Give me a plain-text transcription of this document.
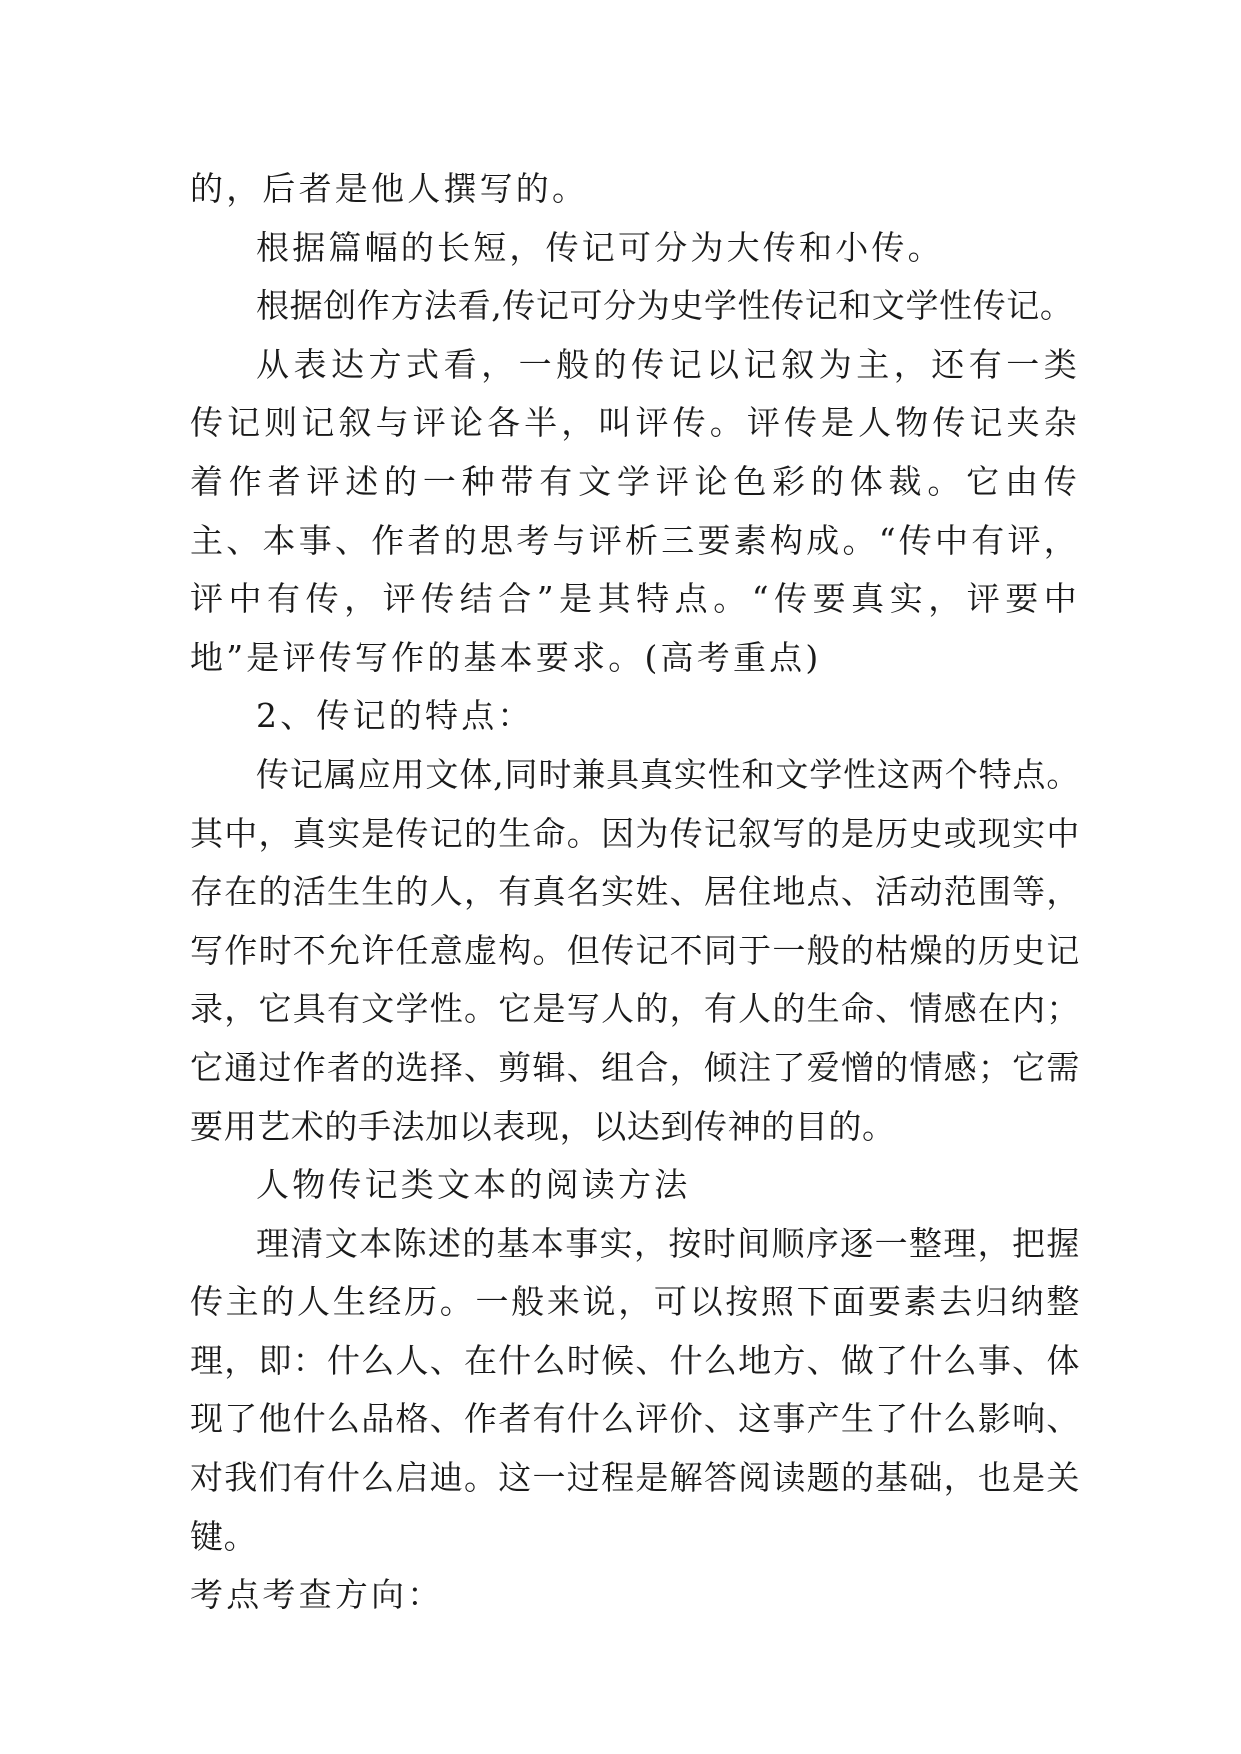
的，后者是他人撰写的。

根据篇幅的长短，传记可分为大传和小传。

根据创作方法看,传记可分为史学性传记和文学性传记。

从表达方式看，一般的传记以记叙为主，还有一类传记则记叙与评论各半，叫评传。评传是人物传记夹杂着作者评述的一种带有文学评论色彩的体裁。它由传主、本事、作者的思考与评析三要素构成。“传中有评，评中有传，评传结合”是其特点。“传要真实，评要中地”是评传写作的基本要求。(高考重点)

2、传记的特点：

传记属应用文体,同时兼具真实性和文学性这两个特点。其中，真实是传记的生命。因为传记叙写的是历史或现实中存在的活生生的人，有真名实姓、居住地点、活动范围等，写作时不允许任意虚构。但传记不同于一般的枯燥的历史记录，它具有文学性。它是写人的，有人的生命、情感在内；它通过作者的选择、剪辑、组合，倾注了爱憎的情感；它需要用艺术的手法加以表现，以达到传神的目的。

人物传记类文本的阅读方法

理清文本陈述的基本事实，按时间顺序逐一整理，把握传主的人生经历。一般来说，可以按照下面要素去归纳整理，即：什么人、在什么时候、什么地方、做了什么事、体现了他什么品格、作者有什么评价、这事产生了什么影响、对我们有什么启迪。这一过程是解答阅读题的基础，也是关键。

考点考查方向：
